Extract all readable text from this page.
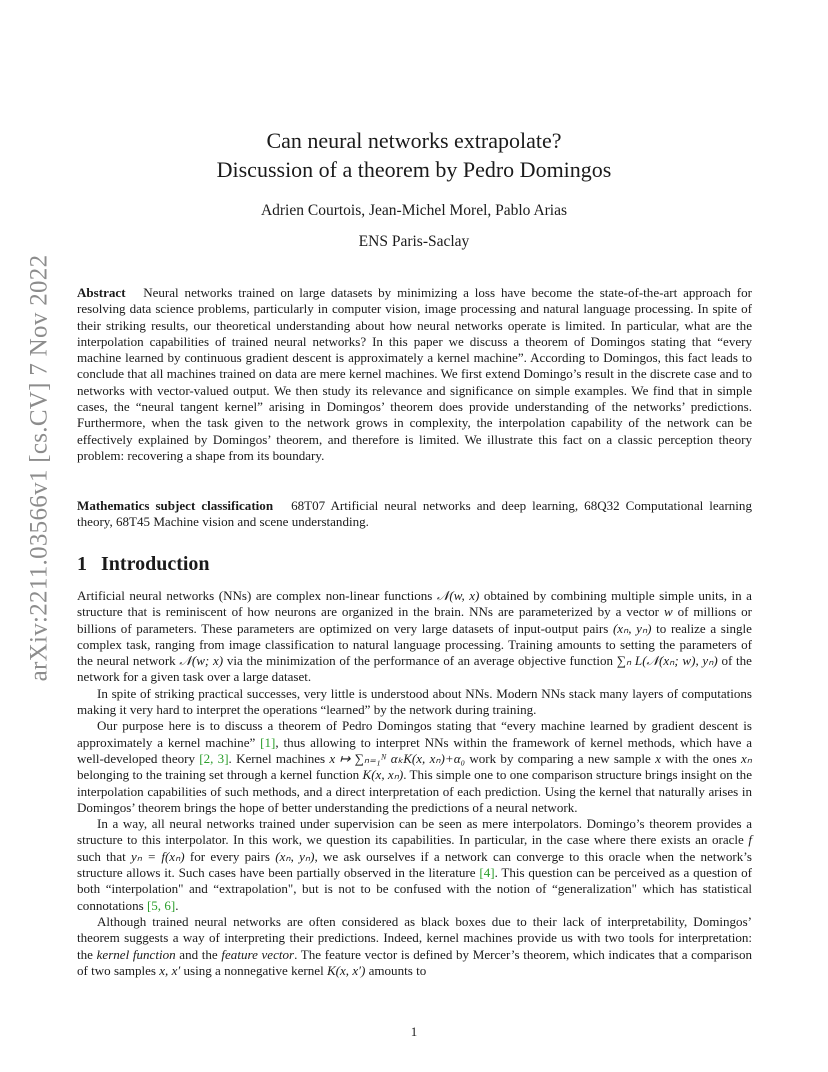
arXiv:2211.03566v1 [cs.CV] 7 Nov 2022
Can neural networks extrapolate?
Discussion of a theorem by Pedro Domingos
Adrien Courtois, Jean-Michel Morel, Pablo Arias
ENS Paris-Saclay
Abstract Neural networks trained on large datasets by minimizing a loss have become the state-of-the-art approach for resolving data science problems, particularly in computer vision, image processing and natural language processing. In spite of their striking results, our theoretical understanding about how neural networks operate is limited. In particular, what are the interpolation capabilities of trained neural networks? In this paper we discuss a theorem of Domingos stating that “every machine learned by continuous gradient descent is approximately a kernel machine”. According to Domingos, this fact leads to conclude that all machines trained on data are mere kernel machines. We first extend Domingo’s result in the discrete case and to networks with vector-valued output. We then study its relevance and significance on simple examples. We find that in simple cases, the “neural tangent kernel” arising in Domingos’ theorem does provide understanding of the networks’ predictions. Furthermore, when the task given to the network grows in complexity, the interpolation capability of the network can be effectively explained by Domingos’ theorem, and therefore is limited. We illustrate this fact on a classic perception theory problem: recovering a shape from its boundary.
Mathematics subject classification 68T07 Artificial neural networks and deep learning, 68Q32 Computational learning theory, 68T45 Machine vision and scene understanding.
1 Introduction

Artificial neural networks (NNs) are complex non-linear functions 𝒩(w, x) obtained by combining multiple simple units, in a structure that is reminiscent of how neurons are organized in the brain. NNs are parameterized by a vector w of millions or billions of parameters. These parameters are optimized on very large datasets of input-output pairs (xₙ, yₙ) to realize a single complex task, ranging from image classification to natural language processing. Training amounts to setting the parameters of the neural network 𝒩(w; x) via the minimization of the performance of an average objective function ∑ₙ L(𝒩(xₙ; w), yₙ) of the network for a given task over a large dataset.

In spite of striking practical successes, very little is understood about NNs. Modern NNs stack many layers of computations making it very hard to interpret the operations “learned” by the network during training.

Our purpose here is to discuss a theorem of Pedro Domingos stating that “every machine learned by gradient descent is approximately a kernel machine” [1], thus allowing to interpret NNs within the framework of kernel methods, which have a well-developed theory [2, 3]. Kernel machines x ↦ ∑ₙ₌₁ᴺ αₖK(x, xₙ)+α₀ work by comparing a new sample x with the ones xₙ belonging to the training set through a kernel function K(x, xₙ). This simple one to one comparison structure brings insight on the interpolation capabilities of such methods, and a direct interpretation of each prediction. Using the kernel that naturally arises in Domingos’ theorem brings the hope of better understanding the predictions of a neural network.

In a way, all neural networks trained under supervision can be seen as mere interpolators. Domingo’s theorem provides a structure to this interpolator. In this work, we question its capabilities. In particular, in the case where there exists an oracle f such that yₙ = f(xₙ) for every pairs (xₙ, yₙ), we ask ourselves if a network can converge to this oracle when the network’s structure allows it. Such cases have been partially observed in the literature [4]. This question can be perceived as a question of both “interpolation" and “extrapolation", but is not to be confused with the notion of “generalization" which has statistical connotations [5, 6].

Although trained neural networks are often considered as black boxes due to their lack of interpretability, Domingos’ theorem suggests a way of interpreting their predictions. Indeed, kernel machines provide us with two tools for interpretation: the kernel function and the feature vector. The feature vector is defined by Mercer’s theorem, which indicates that a comparison of two samples x, x′ using a nonnegative kernel K(x, x′) amounts to

1
